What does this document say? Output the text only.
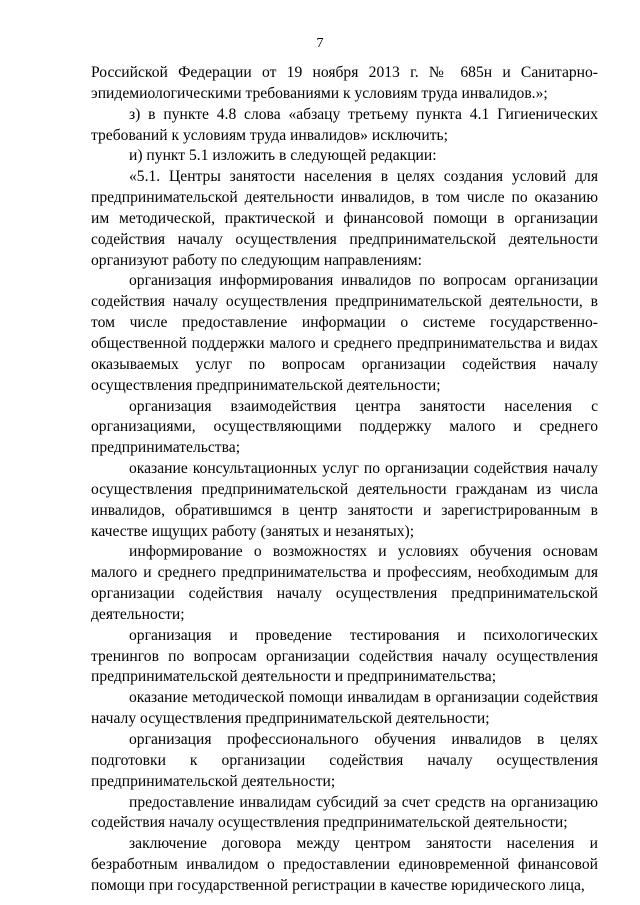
7

Российской Федерации от 19 ноября 2013 г. № 685н и Санитарно-эпидемиологическими требованиями к условиям труда инвалидов.»;

з) в пункте 4.8 слова «абзацу третьему пункта 4.1 Гигиенических требований к условиям труда инвалидов» исключить;

и) пункт 5.1 изложить в следующей редакции:

«5.1. Центры занятости населения в целях создания условий для предпринимательской деятельности инвалидов, в том числе по оказанию им методической, практической и финансовой помощи в организации содействия началу осуществления предпринимательской деятельности организуют работу по следующим направлениям:

организация информирования инвалидов по вопросам организации содействия началу осуществления предпринимательской деятельности, в том числе предоставление информации о системе государственно-общественной поддержки малого и среднего предпринимательства и видах оказываемых услуг по вопросам организации содействия началу осуществления предпринимательской деятельности;

организация взаимодействия центра занятости населения с организациями, осуществляющими поддержку малого и среднего предпринимательства;

оказание консультационных услуг по организации содействия началу осуществления предпринимательской деятельности гражданам из числа инвалидов, обратившимся в центр занятости и зарегистрированным в качестве ищущих работу (занятых и незанятых);

информирование о возможностях и условиях обучения основам малого и среднего предпринимательства и профессиям, необходимым для организации содействия началу осуществления предпринимательской деятельности;

организация и проведение тестирования и психологических тренингов по вопросам организации содействия началу осуществления предпринимательской деятельности и предпринимательства;

оказание методической помощи инвалидам в организации содействия началу осуществления предпринимательской деятельности;

организация профессионального обучения инвалидов в целях подготовки к организации содействия началу осуществления предпринимательской деятельности;

предоставление инвалидам субсидий за счет средств на организацию содействия началу осуществления предпринимательской деятельности;

заключение договора между центром занятости населения и безработным инвалидом о предоставлении единовременной финансовой помощи при государственной регистрации в качестве юридического лица,
